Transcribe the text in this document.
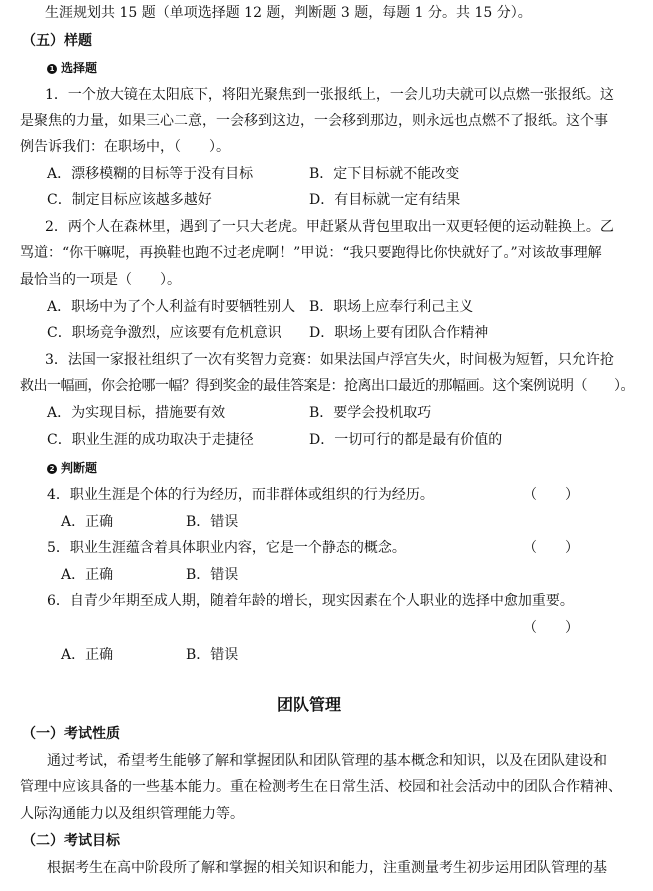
生涯规划共 15 题（单项选择题 12 题，判断题 3 题，每题 1 分。共 15 分）。
（五）样题
1 选择题
1．一个放大镜在太阳底下，将阳光聚焦到一张报纸上，一会儿功夫就可以点燃一张报纸。这
是聚焦的力量，如果三心二意，一会移到这边，一会移到那边，则永远也点燃不了报纸。这个事
例告诉我们：在职场中，（　　）。
A．漂移模糊的目标等于没有目标	B．定下目标就不能改变
C．制定目标应该越多越好	D．有目标就一定有结果
2．两个人在森林里，遇到了一只大老虎。甲赶紧从背包里取出一双更轻便的运动鞋换上。乙
骂道：“你干嘛呢，再换鞋也跑不过老虎啊！”甲说：“我只要跑得比你快就好了。”对该故事理解
最恰当的一项是（　　）。
A．职场中为了个人利益有时要牺牲别人 B．职场上应奉行利己主义
C．职场竞争激烈，应该要有危机意识 D．职场上要有团队合作精神
3．法国一家报社组织了一次有奖智力竞赛：如果法国卢浮宫失火，时间极为短暂，只允许抢
救出一幅画，你会抢哪一幅？得到奖金的最佳答案是：抢离出口最近的那幅画。这个案例说明（　　）。
A．为实现目标，措施要有效	B．要学会投机取巧
C．职业生涯的成功取决于走捷径	D．一切可行的都是最有价值的
2 判断题
4．职业生涯是个体的行为经历，而非群体或组织的行为经历。	（　　）
A．正确	B．错误
5．职业生涯蕴含着具体职业内容，它是一个静态的概念。	（　　）
A．正确	B．错误
6．自青少年期至成人期，随着年龄的增长，现实因素在个人职业的选择中愈加重要。
（　　）
A．正确	B．错误
团队管理
（一）考试性质
通过考试，希望考生能够了解和掌握团队和团队管理的基本概念和知识，以及在团队建设和
管理中应该具备的一些基本能力。重在检测考生在日常生活、校园和社会活动中的团队合作精神、
人际沟通能力以及组织管理能力等。
（二）考试目标
根据考生在高中阶段所了解和掌握的相关知识和能力，注重测量考生初步运用团队管理的基
